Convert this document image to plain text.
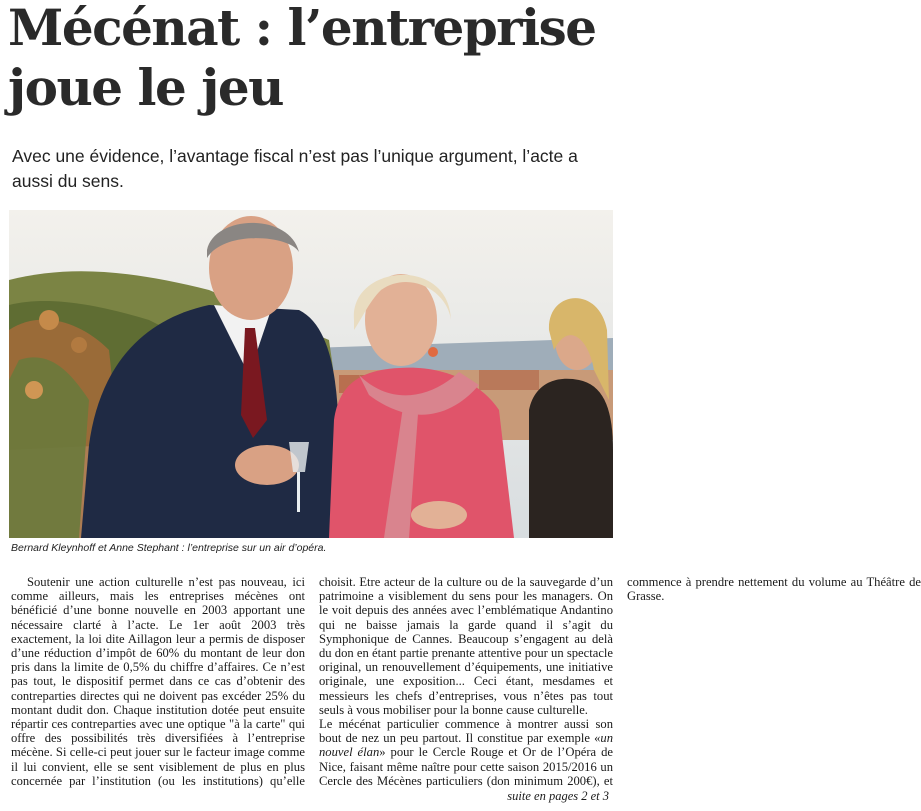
Mécénat : l’entreprise joue le jeu

Avec une évidence, l’avantage fiscal n’est pas l’unique argument, l’acte a aussi du sens.

Bernard Kleynhoff et Anne Stephant : l’entreprise sur un air d’opéra.

Soutenir une action culturelle n’est pas nouveau, ici comme ailleurs, mais les entreprises mécènes ont bénéficié d’une bonne nouvelle en 2003 apportant une nécessaire clarté à l’acte. Le 1er août 2003 très exactement, la loi dite Aillagon leur a permis de disposer d’une réduction d’impôt de 60% du montant de leur don pris dans la limite de 0,5% du chiffre d’affaires. Ce n’est pas tout, le dispositif permet dans ce cas d’obtenir des contreparties directes qui ne doivent pas excéder 25% du montant dudit don. Chaque institution dotée peut ensuite répartir ces contreparties avec une optique "à la carte" qui offre des possibilités très diversifiées à l’entreprise mécène. Si celle-ci peut jouer sur le facteur image comme il lui convient, elle se sent visiblement de plus en plus concernée par l’institution (ou les institutions) qu’elle choisit. Etre acteur de la culture ou de la sauvegarde d’un patrimoine a visiblement du sens pour les managers. On le voit depuis des années avec l’emblématique Andantino qui ne baisse jamais la garde quand il s’agit du Symphonique de Cannes. Beaucoup s’engagent au delà du don en étant partie prenante attentive pour un spectacle original, un renouvellement d’équipements, une initiative originale, une exposition... Ceci étant, mesdames et messieurs les chefs d’entreprises, vous n’êtes pas tout seuls à vous mobiliser pour la bonne cause culturelle.

Le mécénat particulier commence à montrer aussi son bout de nez un peu partout. Il constitue par exemple «un nouvel élan» pour le Cercle Rouge et Or de l’Opéra de Nice, faisant même naître pour cette saison 2015/2016 un Cercle des Mécènes particuliers (don minimum 200€), et commence à prendre nettement du volume au Théâtre de Grasse.

suite en pages 2 et 3
